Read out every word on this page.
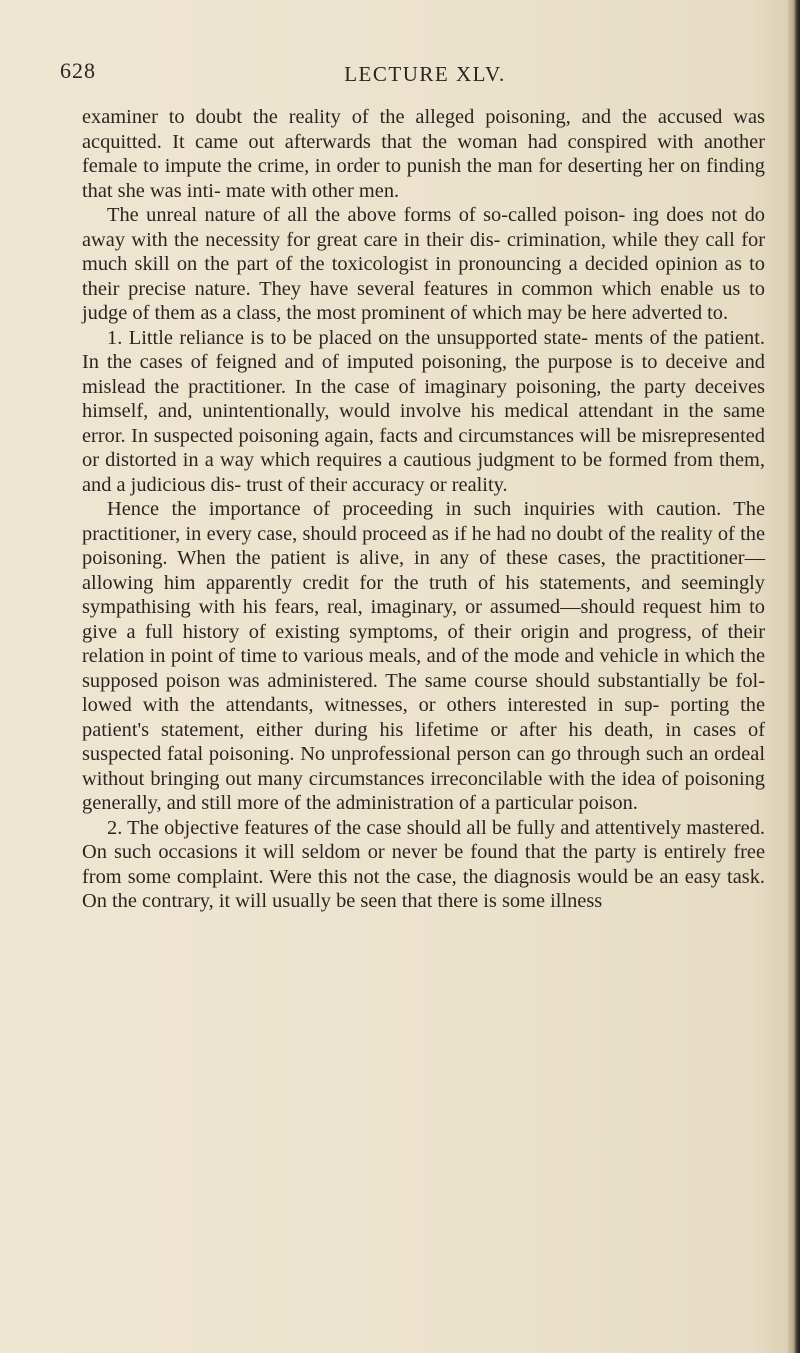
628	LECTURE XLV.

examiner to doubt the reality of the alleged poisoning, and the accused was acquitted. It came out afterwards that the woman had conspired with another female to impute the crime, in order to punish the man for deserting her on finding that she was inti- mate with other men.

The unreal nature of all the above forms of so-called poison- ing does not do away with the necessity for great care in their dis- crimination, while they call for much skill on the part of the toxicologist in pronouncing a decided opinion as to their precise nature. They have several features in common which enable us to judge of them as a class, the most prominent of which may be here adverted to.

1. Little reliance is to be placed on the unsupported state- ments of the patient. In the cases of feigned and of imputed poisoning, the purpose is to deceive and mislead the practitioner. In the case of imaginary poisoning, the party deceives himself, and, unintentionally, would involve his medical attendant in the same error. In suspected poisoning again, facts and circumstances will be misrepresented or distorted in a way which requires a cautious judgment to be formed from them, and a judicious dis- trust of their accuracy or reality.

Hence the importance of proceeding in such inquiries with caution. The practitioner, in every case, should proceed as if he had no doubt of the reality of the poisoning. When the patient is alive, in any of these cases, the practitioner—allowing him apparently credit for the truth of his statements, and seemingly sympathising with his fears, real, imaginary, or assumed—should request him to give a full history of existing symptoms, of their origin and progress, of their relation in point of time to various meals, and of the mode and vehicle in which the supposed poison was administered. The same course should substantially be fol- lowed with the attendants, witnesses, or others interested in sup- porting the patient's statement, either during his lifetime or after his death, in cases of suspected fatal poisoning. No unprofessional person can go through such an ordeal without bringing out many circumstances irreconcilable with the idea of poisoning generally, and still more of the administration of a particular poison.

2. The objective features of the case should all be fully and attentively mastered. On such occasions it will seldom or never be found that the party is entirely free from some complaint. Were this not the case, the diagnosis would be an easy task. On the contrary, it will usually be seen that there is some illness
